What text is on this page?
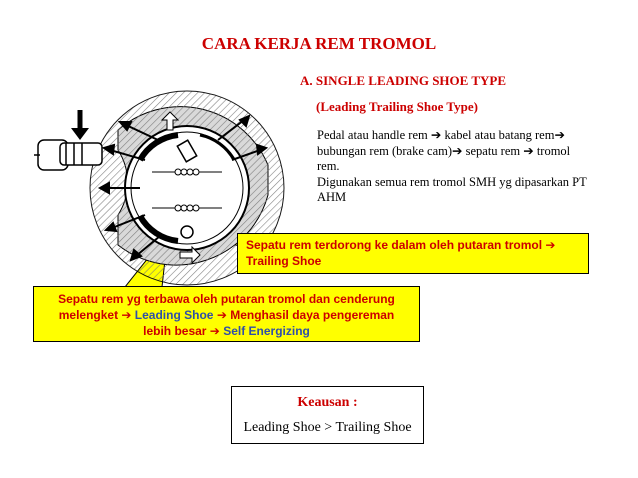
CARA KERJA REM TROMOL
A. SINGLE LEADING SHOE TYPE
(Leading Trailing Shoe Type)
Pedal atau handle rem ➔ kabel atau batang rem➔
bubungan rem (brake cam)➔ sepatu rem ➔ tromol
rem.
Digunakan semua rem tromol SMH yg dipasarkan PT
AHM
Sepatu rem terdorong ke dalam oleh putaran tromol ➔
Trailing Shoe
Sepatu rem yg terbawa oleh putaran tromol dan cenderung
melengket ➔ Leading Shoe ➔ Menghasil daya pengereman
lebih besar ➔ Self Energizing
Keausan :
Leading Shoe > Trailing Shoe
